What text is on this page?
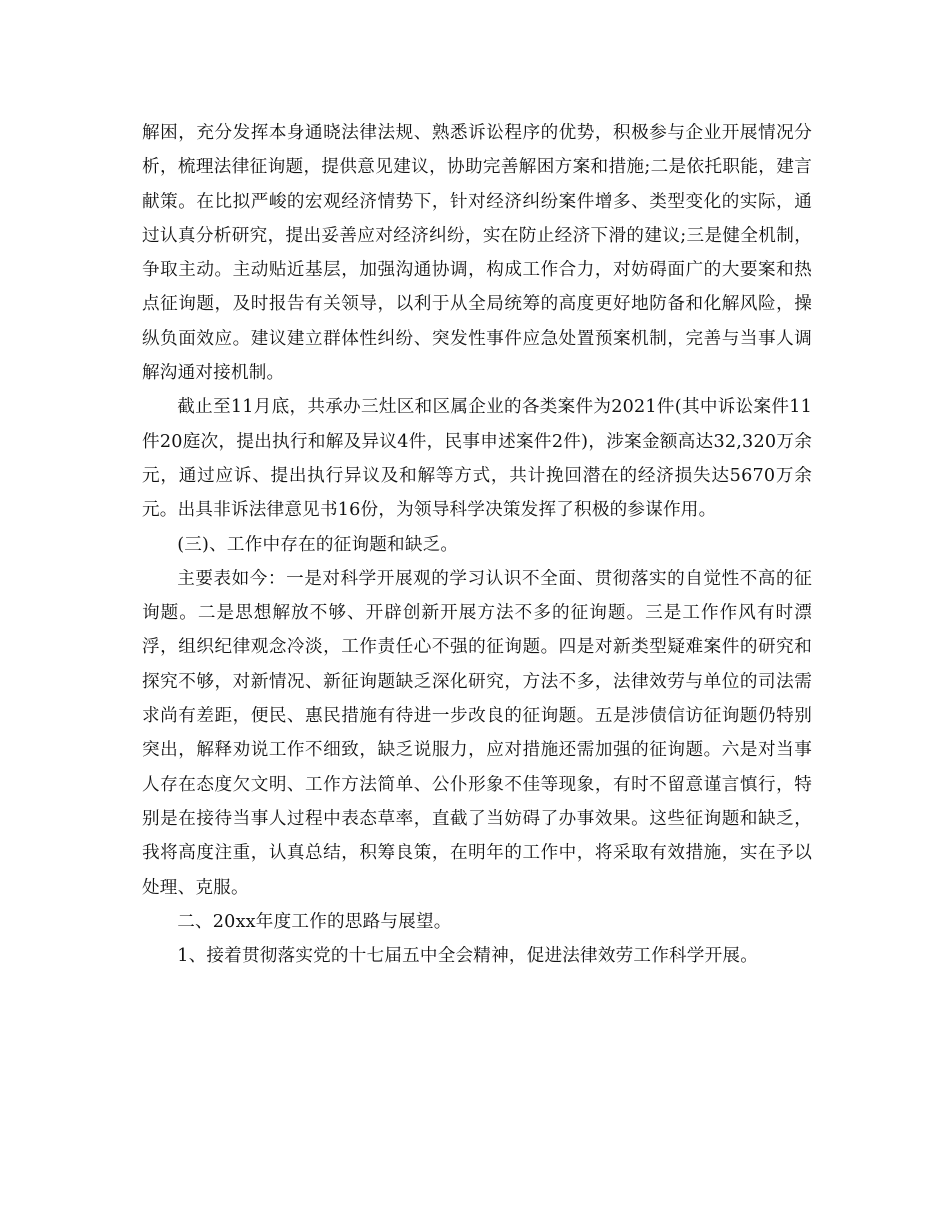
解困，充分发挥本身通晓法律法规、熟悉诉讼程序的优势，积极参与企业开展情况分析，梳理法律征询题，提供意见建议，协助完善解困方案和措施;二是依托职能，建言献策。在比拟严峻的宏观经济情势下，针对经济纠纷案件增多、类型变化的实际，通过认真分析研究，提出妥善应对经济纠纷，实在防止经济下滑的建议;三是健全机制，争取主动。主动贴近基层，加强沟通协调，构成工作合力，对妨碍面广的大要案和热点征询题，及时报告有关领导，以利于从全局统筹的高度更好地防备和化解风险，操纵负面效应。建议建立群体性纠纷、突发性事件应急处置预案机制，完善与当事人调解沟通对接机制。

截止至11月底，共承办三灶区和区属企业的各类案件为2021件(其中诉讼案件11件20庭次，提出执行和解及异议4件，民事申述案件2件)，涉案金额高达32,320万余元，通过应诉、提出执行异议及和解等方式，共计挽回潜在的经济损失达5670万余元。出具非诉法律意见书16份，为领导科学决策发挥了积极的参谋作用。

(三)、工作中存在的征询题和缺乏。

主要表如今：一是对科学开展观的学习认识不全面、贯彻落实的自觉性不高的征询题。二是思想解放不够、开辟创新开展方法不多的征询题。三是工作作风有时漂浮，组织纪律观念冷淡，工作责任心不强的征询题。四是对新类型疑难案件的研究和探究不够，对新情况、新征询题缺乏深化研究，方法不多，法律效劳与单位的司法需求尚有差距，便民、惠民措施有待进一步改良的征询题。五是涉债信访征询题仍特别突出，解释劝说工作不细致，缺乏说服力，应对措施还需加强的征询题。六是对当事人存在态度欠文明、工作方法简单、公仆形象不佳等现象，有时不留意谨言慎行，特别是在接待当事人过程中表态草率，直截了当妨碍了办事效果。这些征询题和缺乏，我将高度注重，认真总结，积筹良策，在明年的工作中，将采取有效措施，实在予以处理、克服。

二、20xx年度工作的思路与展望。

1、接着贯彻落实党的十七届五中全会精神，促进法律效劳工作科学开展。
